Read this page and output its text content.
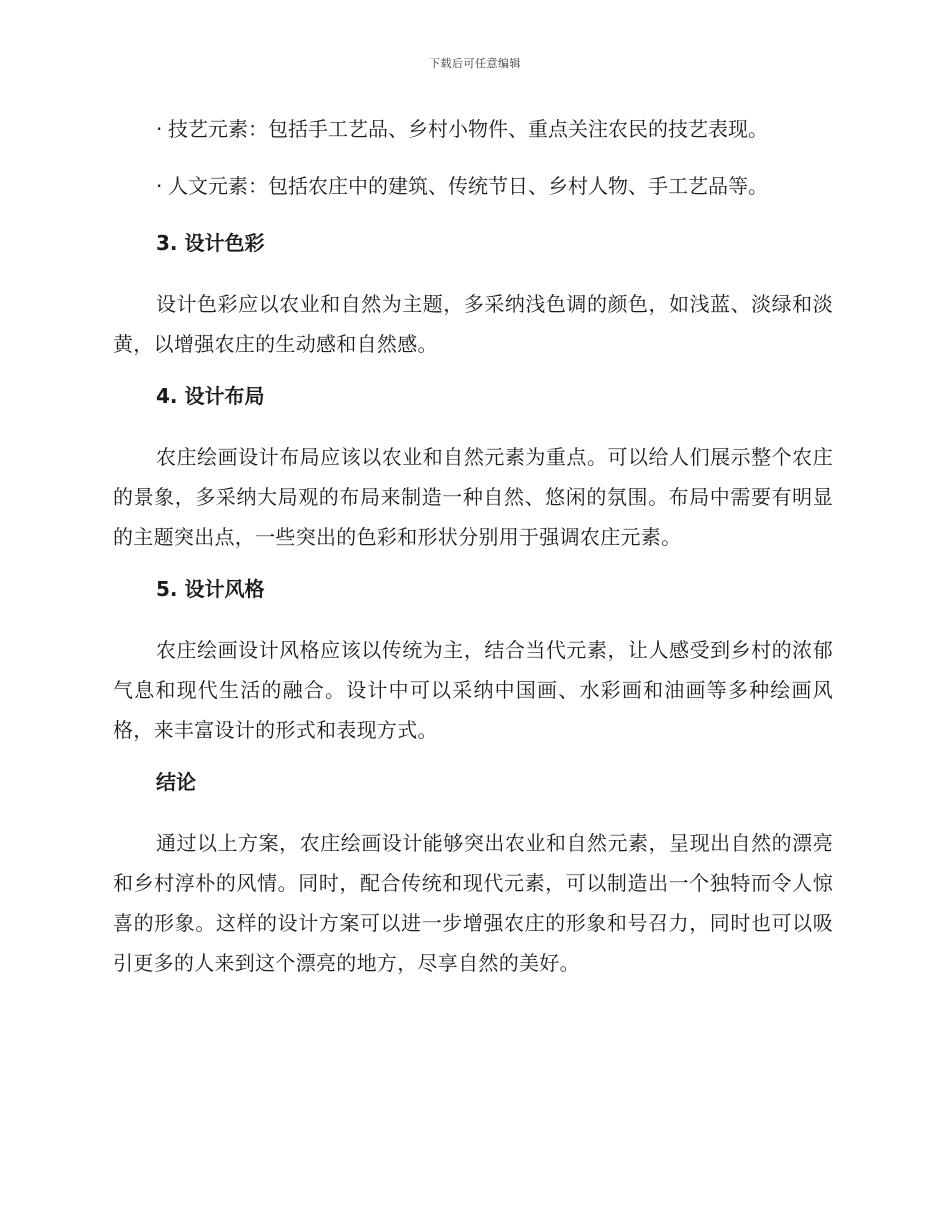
下载后可任意编辑
· 技艺元素：包括手工艺品、乡村小物件、重点关注农民的技艺表现。
· 人文元素：包括农庄中的建筑、传统节日、乡村人物、手工艺品等。
3. 设计色彩

设计色彩应以农业和自然为主题，多采纳浅色调的颜色，如浅蓝、淡绿和淡黄，以增强农庄的生动感和自然感。

4. 设计布局

农庄绘画设计布局应该以农业和自然元素为重点。可以给人们展示整个农庄的景象，多采纳大局观的布局来制造一种自然、悠闲的氛围。布局中需要有明显的主题突出点，一些突出的色彩和形状分别用于强调农庄元素。

5. 设计风格

农庄绘画设计风格应该以传统为主，结合当代元素，让人感受到乡村的浓郁气息和现代生活的融合。设计中可以采纳中国画、水彩画和油画等多种绘画风格，来丰富设计的形式和表现方式。

结论

通过以上方案，农庄绘画设计能够突出农业和自然元素，呈现出自然的漂亮和乡村淳朴的风情。同时，配合传统和现代元素，可以制造出一个独特而令人惊喜的形象。这样的设计方案可以进一步增强农庄的形象和号召力，同时也可以吸引更多的人来到这个漂亮的地方，尽享自然的美好。
